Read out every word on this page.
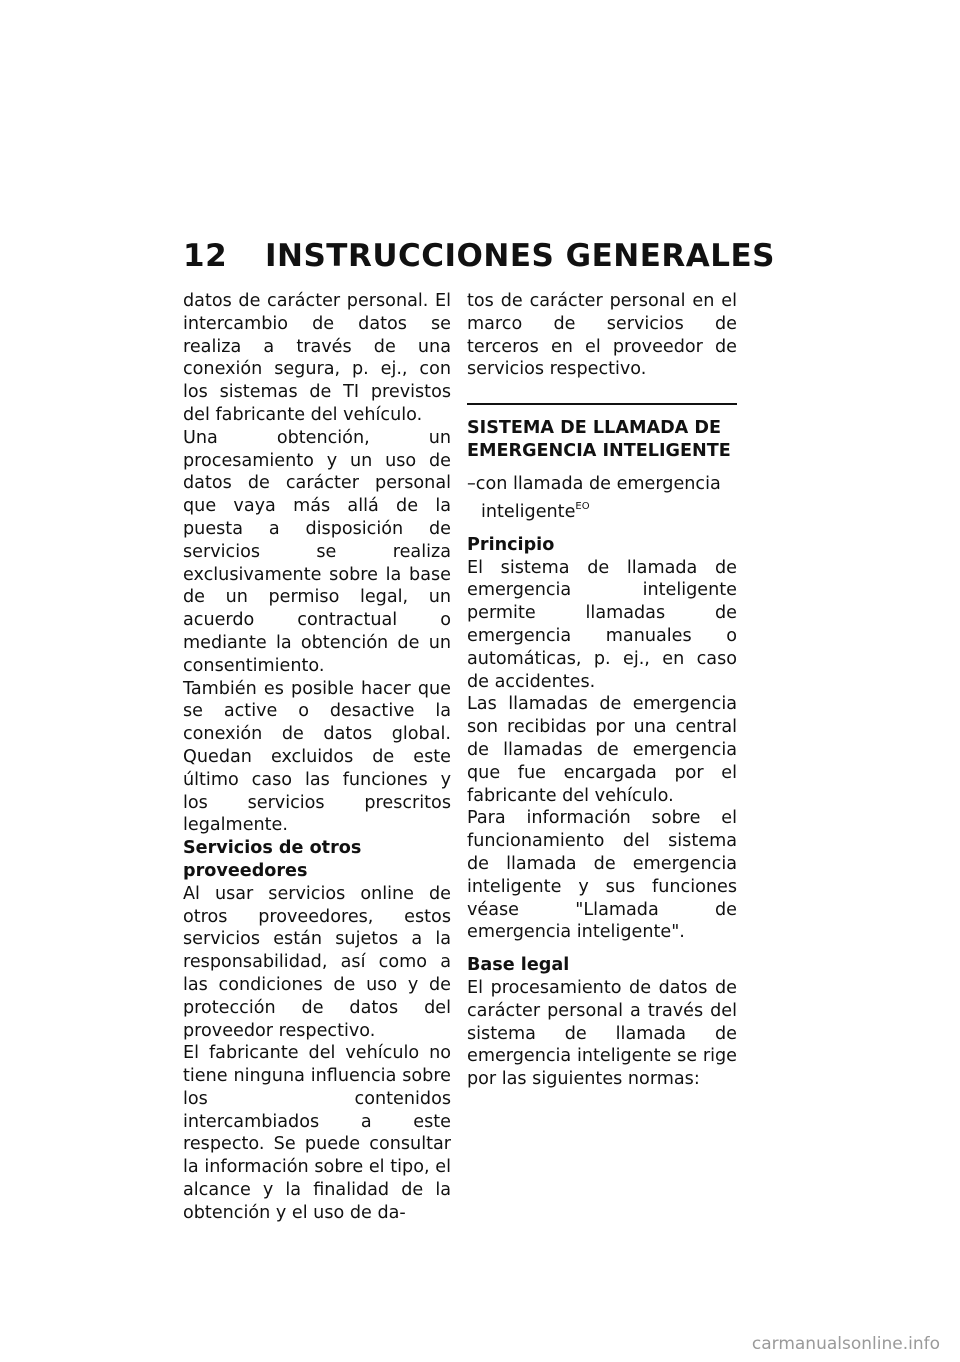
12 INSTRUCCIONES GENERALES

datos de carácter personal. El intercambio de datos se realiza a través de una conexión segura, p. ej., con los sistemas de TI previstos del fabricante del vehículo.

Una obtención, un procesamiento y un uso de datos de carácter personal que vaya más allá de la puesta a disposición de servicios se realiza exclusivamente sobre la base de un permiso legal, un acuerdo contractual o mediante la obtención de un consentimiento.

También es posible hacer que se active o desactive la conexión de datos global. Quedan excluidos de este último caso las funciones y los servicios prescritos legalmente.

Servicios de otros proveedores

Al usar servicios online de otros proveedores, estos servicios están sujetos a la responsabilidad, así como a las condiciones de uso y de protección de datos del proveedor respectivo.

El fabricante del vehículo no tiene ninguna influencia sobre los contenidos intercambiados a este respecto. Se puede consultar la información sobre el tipo, el alcance y la finalidad de la obtención y el uso de da-

tos de carácter personal en el marco de servicios de terceros en el proveedor de servicios respectivo.

SISTEMA DE LLAMADA DE EMERGENCIA INTELIGENTE

–con llamada de emergencia inteligente$^{EO}$

Principio

El sistema de llamada de emergencia inteligente permite llamadas de emergencia manuales o automáticas, p. ej., en caso de accidentes.

Las llamadas de emergencia son recibidas por una central de llamadas de emergencia que fue encargada por el fabricante del vehículo.

Para información sobre el funcionamiento del sistema de llamada de emergencia inteligente y sus funciones véase "Llamada de emergencia inteligente".

Base legal

El procesamiento de datos de carácter personal a través del sistema de llamada de emergencia inteligente se rige por las siguientes normas:

carmanualsonline.info
